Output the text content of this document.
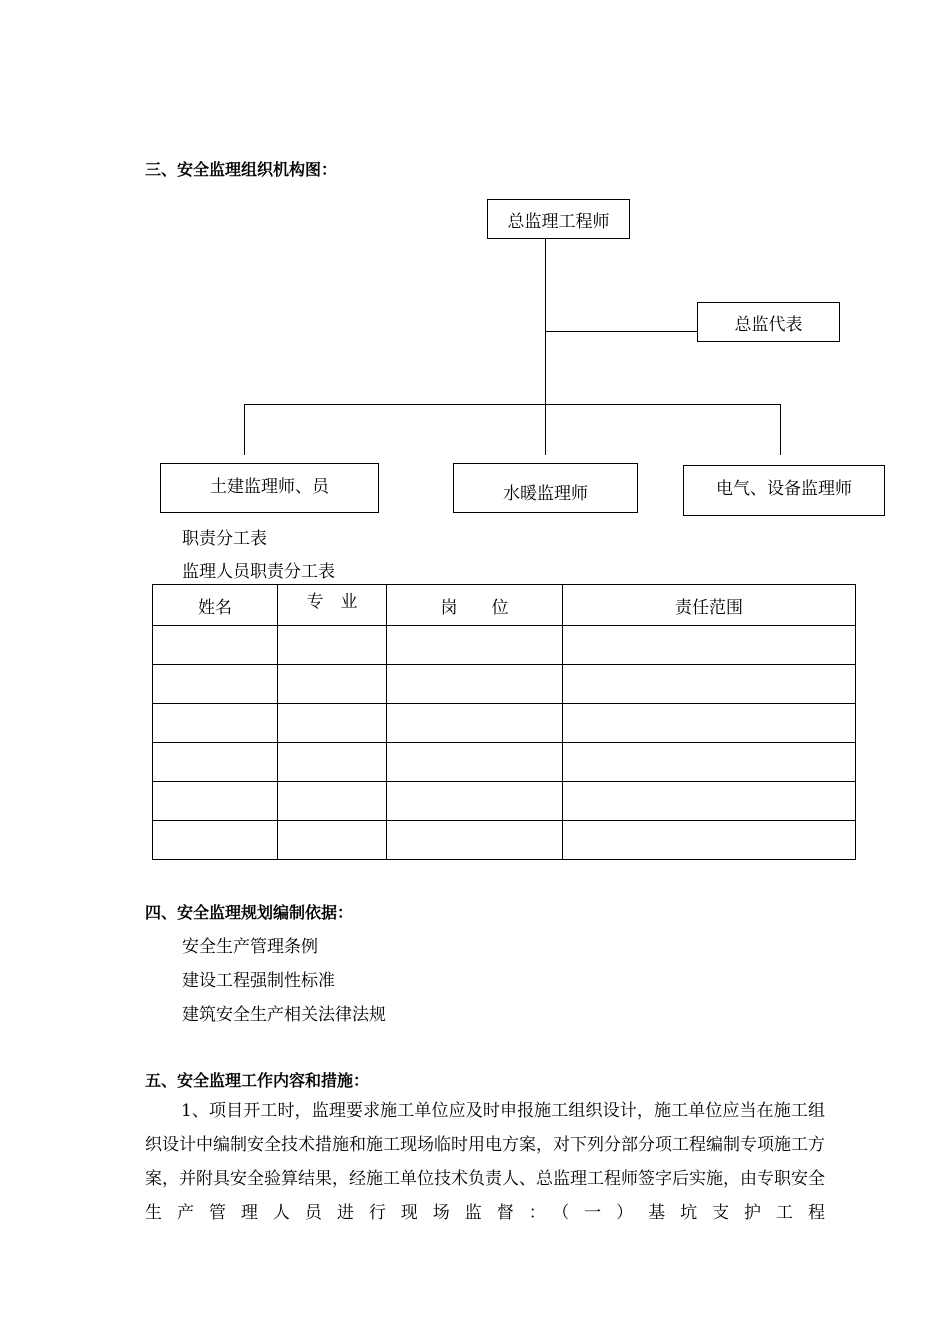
三、安全监理组织机构图：
总监理工程师
总监代表
土建监理师、员	水暖监理师	电气、设备监理师
职责分工表
监理人员职责分工表
姓名	专　业	岗　　位	责任范围

四、安全监理规划编制依据：
安全生产管理条例
建设工程强制性标准
建筑安全生产相关法律法规
五、安全监理工作内容和措施：
1、项目开工时，监理要求施工单位应及时申报施工组织设计，施工单位应当在施工组织设计中编制安全技术措施和施工现场临时用电方案，对下列分部分项工程编制专项施工方案，并附具安全验算结果，经施工单位技术负责人、总监理工程师签字后实施，由专职安全生产管理人员进行现场监督：（一）基坑支护工程
